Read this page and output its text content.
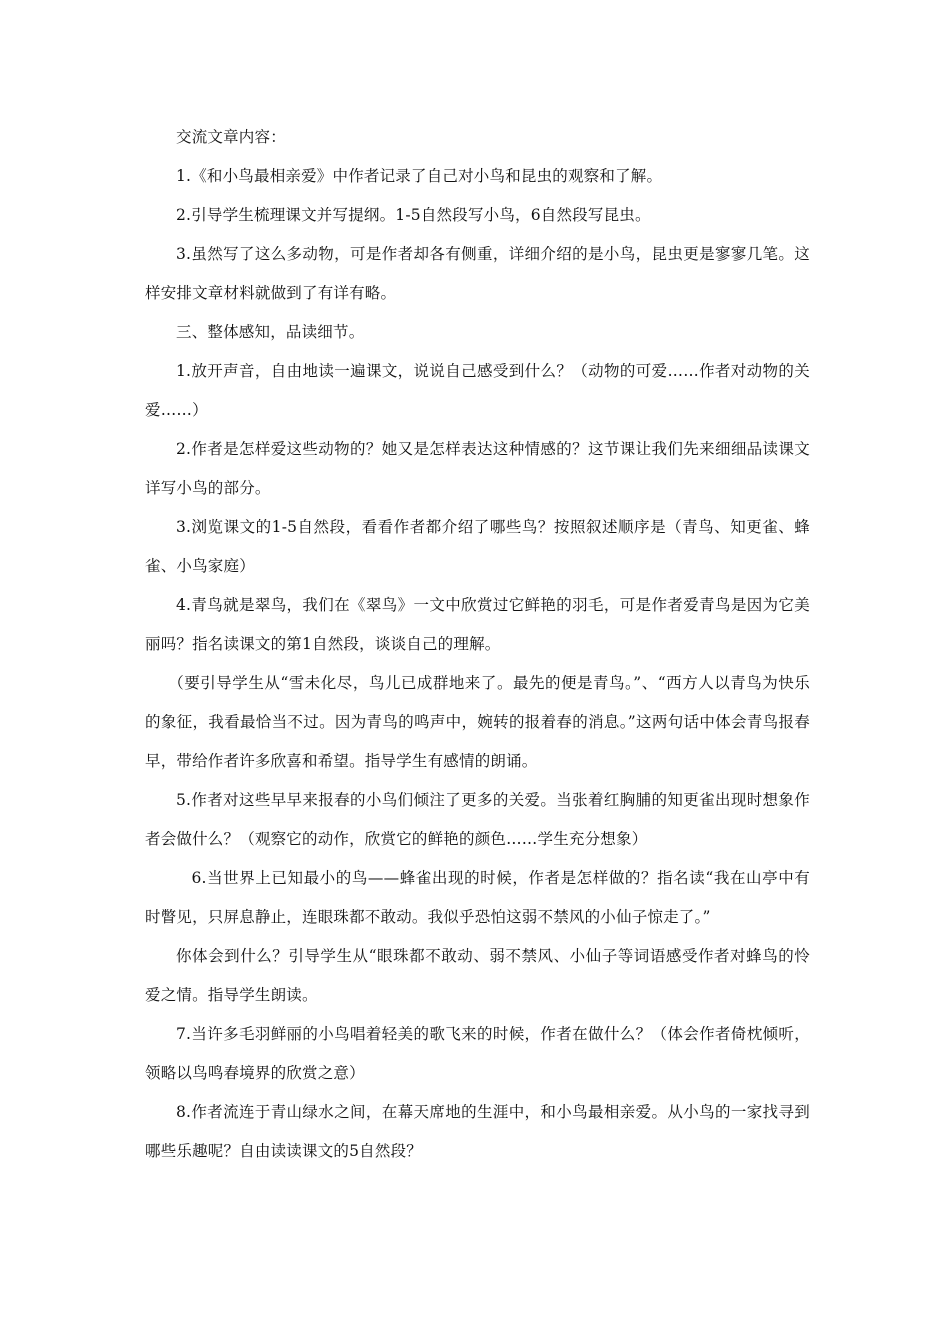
交流文章内容：

1.《和小鸟最相亲爱》中作者记录了自己对小鸟和昆虫的观察和了解。

2.引导学生梳理课文并写提纲。1-5自然段写小鸟，6自然段写昆虫。

3.虽然写了这么多动物，可是作者却各有侧重，详细介绍的是小鸟，昆虫更是寥寥几笔。这样安排文章材料就做到了有详有略。

三、整体感知，品读细节。

1.放开声音，自由地读一遍课文，说说自己感受到什么？（动物的可爱……作者对动物的关爱……）

2.作者是怎样爱这些动物的？她又是怎样表达这种情感的？这节课让我们先来细细品读课文详写小鸟的部分。

3.浏览课文的1-5自然段，看看作者都介绍了哪些鸟？按照叙述顺序是（青鸟、知更雀、蜂雀、小鸟家庭）

4.青鸟就是翠鸟，我们在《翠鸟》一文中欣赏过它鲜艳的羽毛，可是作者爱青鸟是因为它美丽吗？指名读课文的第1自然段，谈谈自己的理解。

（要引导学生从“雪未化尽，鸟儿已成群地来了。最先的便是青鸟。”、“西方人以青鸟为快乐的象征，我看最恰当不过。因为青鸟的鸣声中，婉转的报着春的消息。”这两句话中体会青鸟报春早，带给作者许多欣喜和希望。指导学生有感情的朗诵。

5.作者对这些早早来报春的小鸟们倾注了更多的关爱。当张着红胸脯的知更雀出现时想象作者会做什么？（观察它的动作，欣赏它的鲜艳的颜色……学生充分想象）

6.当世界上已知最小的鸟——蜂雀出现的时候，作者是怎样做的？指名读“我在山亭中有时瞥见，只屏息静止，连眼珠都不敢动。我似乎恐怕这弱不禁风的小仙子惊走了。”

你体会到什么？引导学生从“眼珠都不敢动、弱不禁风、小仙子等词语感受作者对蜂鸟的怜爱之情。指导学生朗读。

7.当许多毛羽鲜丽的小鸟唱着轻美的歌飞来的时候，作者在做什么？（体会作者倚枕倾听，领略以鸟鸣春境界的欣赏之意）

8.作者流连于青山绿水之间，在幕天席地的生涯中，和小鸟最相亲爱。从小鸟的一家找寻到哪些乐趣呢？自由读读课文的5自然段？
